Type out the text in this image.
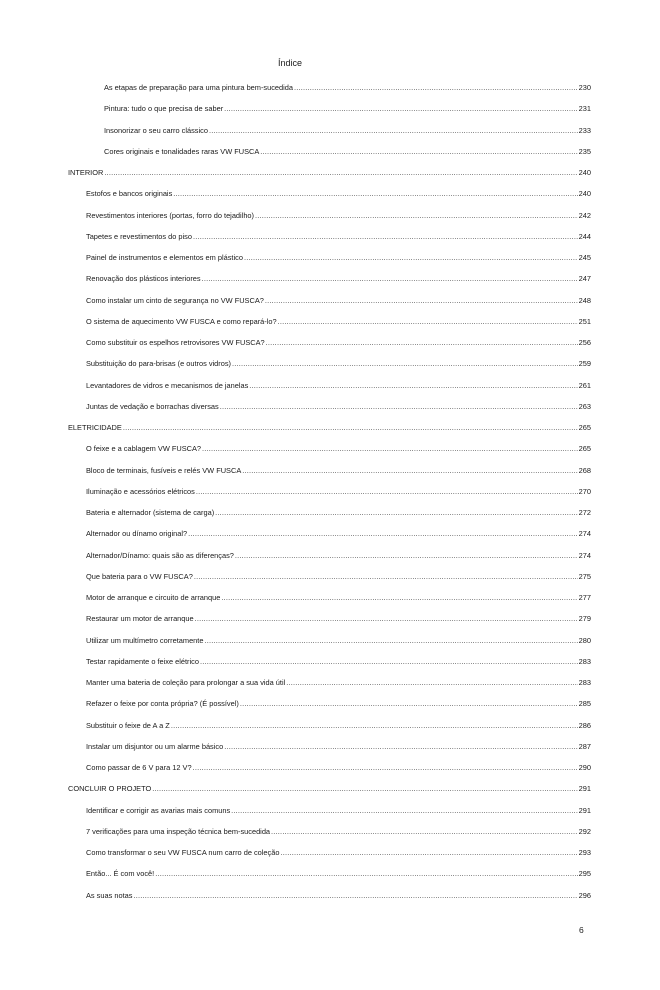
Índice
As etapas de preparação para uma pintura bem-sucedida .....	230
Pintura: tudo o que precisa de saber .....	231
Insonorizar o seu carro clássico .....	233
Cores originais e tonalidades raras VW FUSCA .....	235
INTERIOR .....	240
Estofos e bancos originais .....	240
Revestimentos interiores (portas, forro do tejadilho) .....	242
Tapetes e revestimentos do piso .....	244
Painel de instrumentos e elementos em plástico .....	245
Renovação dos plásticos interiores .....	247
Como instalar um cinto de segurança no VW FUSCA? .....	248
O sistema de aquecimento VW FUSCA e como repará-lo? .....	251
Como substituir os espelhos retrovisores VW FUSCA? .....	256
Substituição do para-brisas (e outros vidros) .....	259
Levantadores de vidros e mecanismos de janelas .....	261
Juntas de vedação e borrachas diversas .....	263
ELETRICIDADE .....	265
O feixe e a cablagem VW FUSCA? .....	265
Bloco de terminais, fusíveis e relés VW FUSCA .....	268
Iluminação e acessórios elétricos .....	270
Bateria e alternador (sistema de carga) .....	272
Alternador ou dínamo original? .....	274
Alternador/Dínamo: quais são as diferenças? .....	274
Que bateria para o VW FUSCA? .....	275
Motor de arranque e circuito de arranque .....	277
Restaurar um motor de arranque .....	279
Utilizar um multímetro corretamente .....	280
Testar rapidamente o feixe elétrico .....	283
Manter uma bateria de coleção para prolongar a sua vida útil .....	283
Refazer o feixe por conta própria? (É possível) .....	285
Substituir o feixe de A a Z .....	286
Instalar um disjuntor ou um alarme básico .....	287
Como passar de 6 V para 12 V? .....	290
CONCLUIR O PROJETO .....	291
Identificar e corrigir as avarias mais comuns .....	291
7 verificações para uma inspeção técnica bem-sucedida .....	292
Como transformar o seu VW FUSCA num carro de coleção .....	293
Então... É com você! .....	295
As suas notas .....	296
6
